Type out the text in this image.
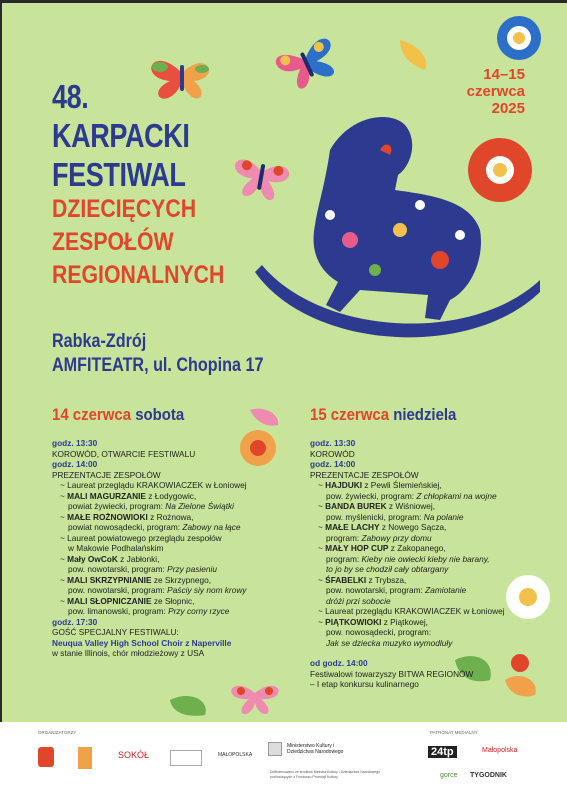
48.
KARPACKI
FESTIWAL
DZIECIĘCYCH
ZESPOŁÓW
REGIONALNYCH
14–15
czerwca
2025
Rabka-Zdrój
AMFITEATR, ul. Chopina 17
14 czerwca sobota
godz. 13:30
KOROWÓD, OTWARCIE FESTIWALU
godz. 14:00
PREZENTACJE ZESPOŁÓW
~ Laureat przeglądu KRAKOWIACZEK w Łoniowej
~ MALI MAGURZANIE z Łodygowic,
powiat żywiecki, program: Na Zielone Świątki
~ MAŁE ROŻNOWIOKI z Rożnowa,
powiat nowosądecki, program: Zabowy na łące
~ Laureat powiatowego przeglądu zespołów
w Makowie Podhalańskim
~ Mały OwCoK z Jabłonki,
pow. nowotarski, program: Przy pasieniu
~ MALI SKRZYPNIANIE ze Skrzypnego,
pow. nowotarski, program: Paściy siy nom krowy
~ MALI SŁOPNICZANIE ze Słopnic,
pow. limanowski, program: Przy corny rzyce
godz. 17:30
GOŚĆ SPECJALNY FESTIWALU:
Neuqua Valley High School Choir z Naperville
w stanie Illinois, chór młodzieżowy z USA
15 czerwca niedziela
godz. 13:30
KOROWÓD
godz. 14:00
PREZENTACJE ZESPOŁÓW
~ HAJDUKI z Pewli Ślemieńskiej,
pow. żywiecki, program: Z chłopkami na wojne
~ BANDA BUREK z Wiśniowej,
pow. myślenicki, program: Na polanie
~ MAŁE LACHY z Nowego Sącza,
program: Zabowy przy domu
~ MAŁY HOP CUP z Zakopanego,
program: Kieby nie owiecki kieby nie barany,
to jo by se chodził cały obtargany
~ ŚFABELKI z Trybsza,
pow. nowotarski, program: Zamiotanie
dróżi przi sobocie
~ Laureat przeglądu KRAKOWIACZEK w Łoniowej
~ PIĄTKOWIOKI z Piątkowej,
pow. nowosądecki, program:
Jak se dziecka muzyko wymodluły
od godz. 14:00
Festiwalowi towarzyszy BITWA REGIONÓW
– I etap konkursu kulinarnego
ORGANIZATORZY	PATRONAT MEDIALNY
SOKÓŁ	MAŁOPOLSKA
Ministerstwo Kultury i Dziedzictwa Narodowego
Dofinansowano ze środków Ministra Kultury i Dziedzictwa Narodowego pochodzących z Funduszu Promocji Kultury
24tp	Małopolska
gorce TYGODNIK
